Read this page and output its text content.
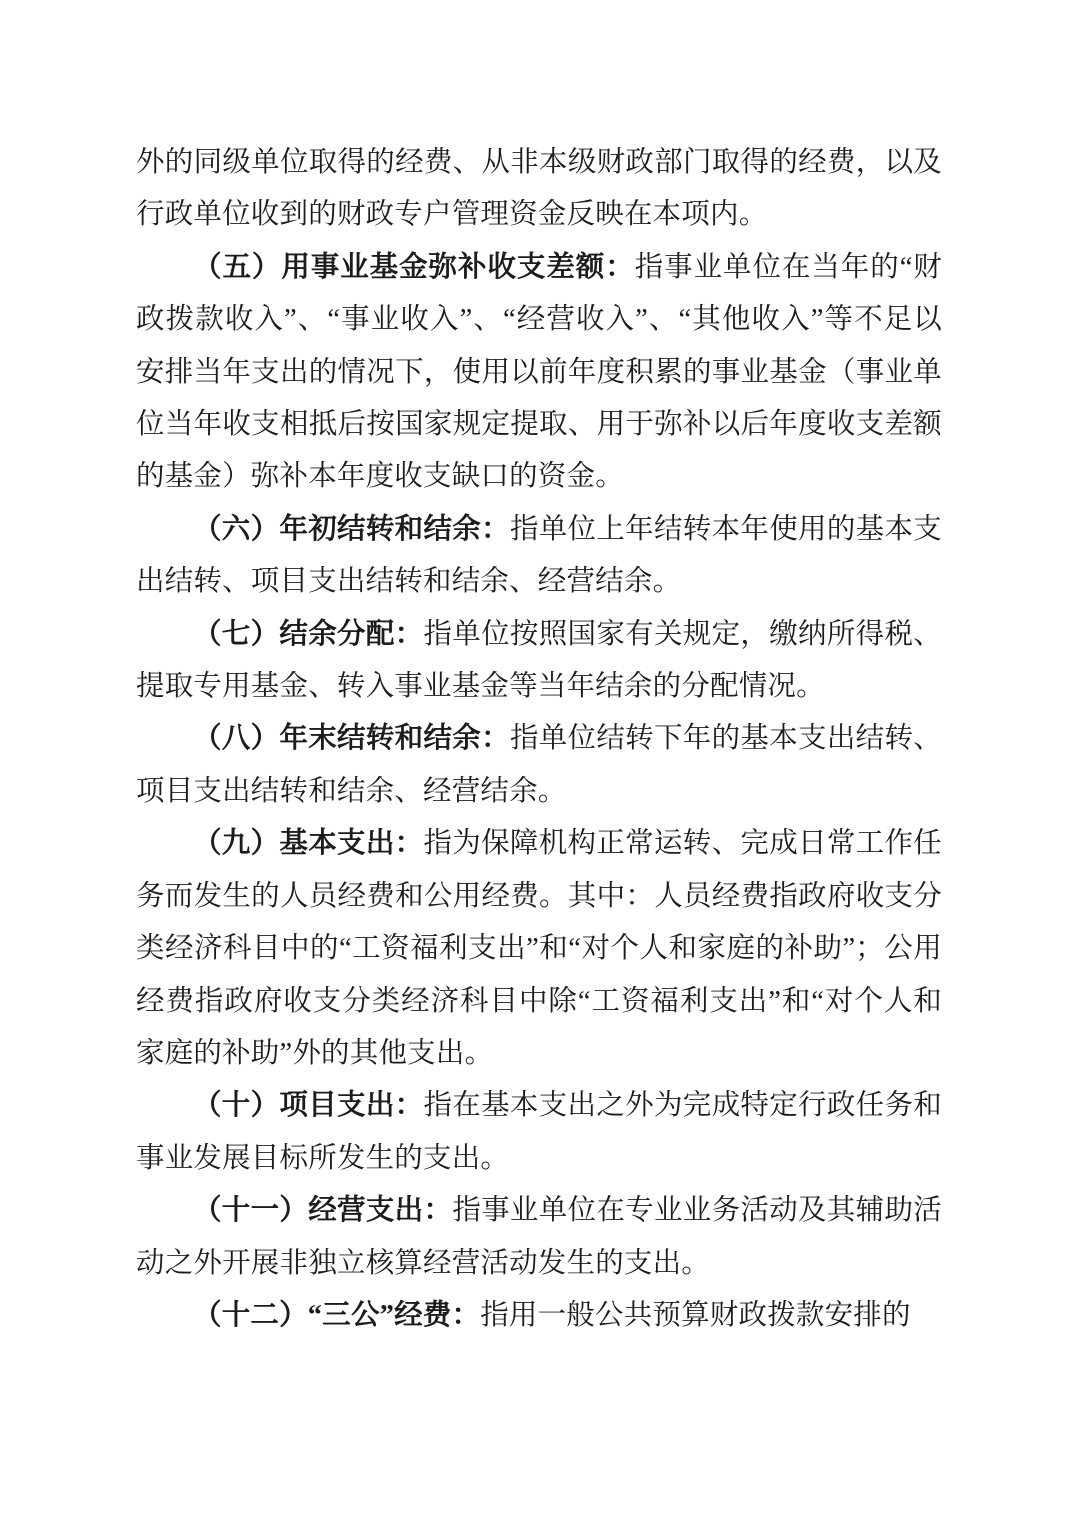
外的同级单位取得的经费、从非本级财政部门取得的经费，以及行政单位收到的财政专户管理资金反映在本项内。

（五）用事业基金弥补收支差额：指事业单位在当年的“财政拨款收入”、“事业收入”、“经营收入”、“其他收入”等不足以安排当年支出的情况下，使用以前年度积累的事业基金（事业单位当年收支相抵后按国家规定提取、用于弥补以后年度收支差额的基金）弥补本年度收支缺口的资金。

（六）年初结转和结余：指单位上年结转本年使用的基本支出结转、项目支出结转和结余、经营结余。

（七）结余分配：指单位按照国家有关规定，缴纳所得税、提取专用基金、转入事业基金等当年结余的分配情况。

（八）年末结转和结余：指单位结转下年的基本支出结转、项目支出结转和结余、经营结余。

（九）基本支出：指为保障机构正常运转、完成日常工作任务而发生的人员经费和公用经费。其中：人员经费指政府收支分类经济科目中的“工资福利支出”和“对个人和家庭的补助”；公用经费指政府收支分类经济科目中除“工资福利支出”和“对个人和家庭的补助”外的其他支出。

（十）项目支出：指在基本支出之外为完成特定行政任务和事业发展目标所发生的支出。

（十一）经营支出：指事业单位在专业业务活动及其辅助活动之外开展非独立核算经营活动发生的支出。

（十二）“三公”经费：指用一般公共预算财政拨款安排的
